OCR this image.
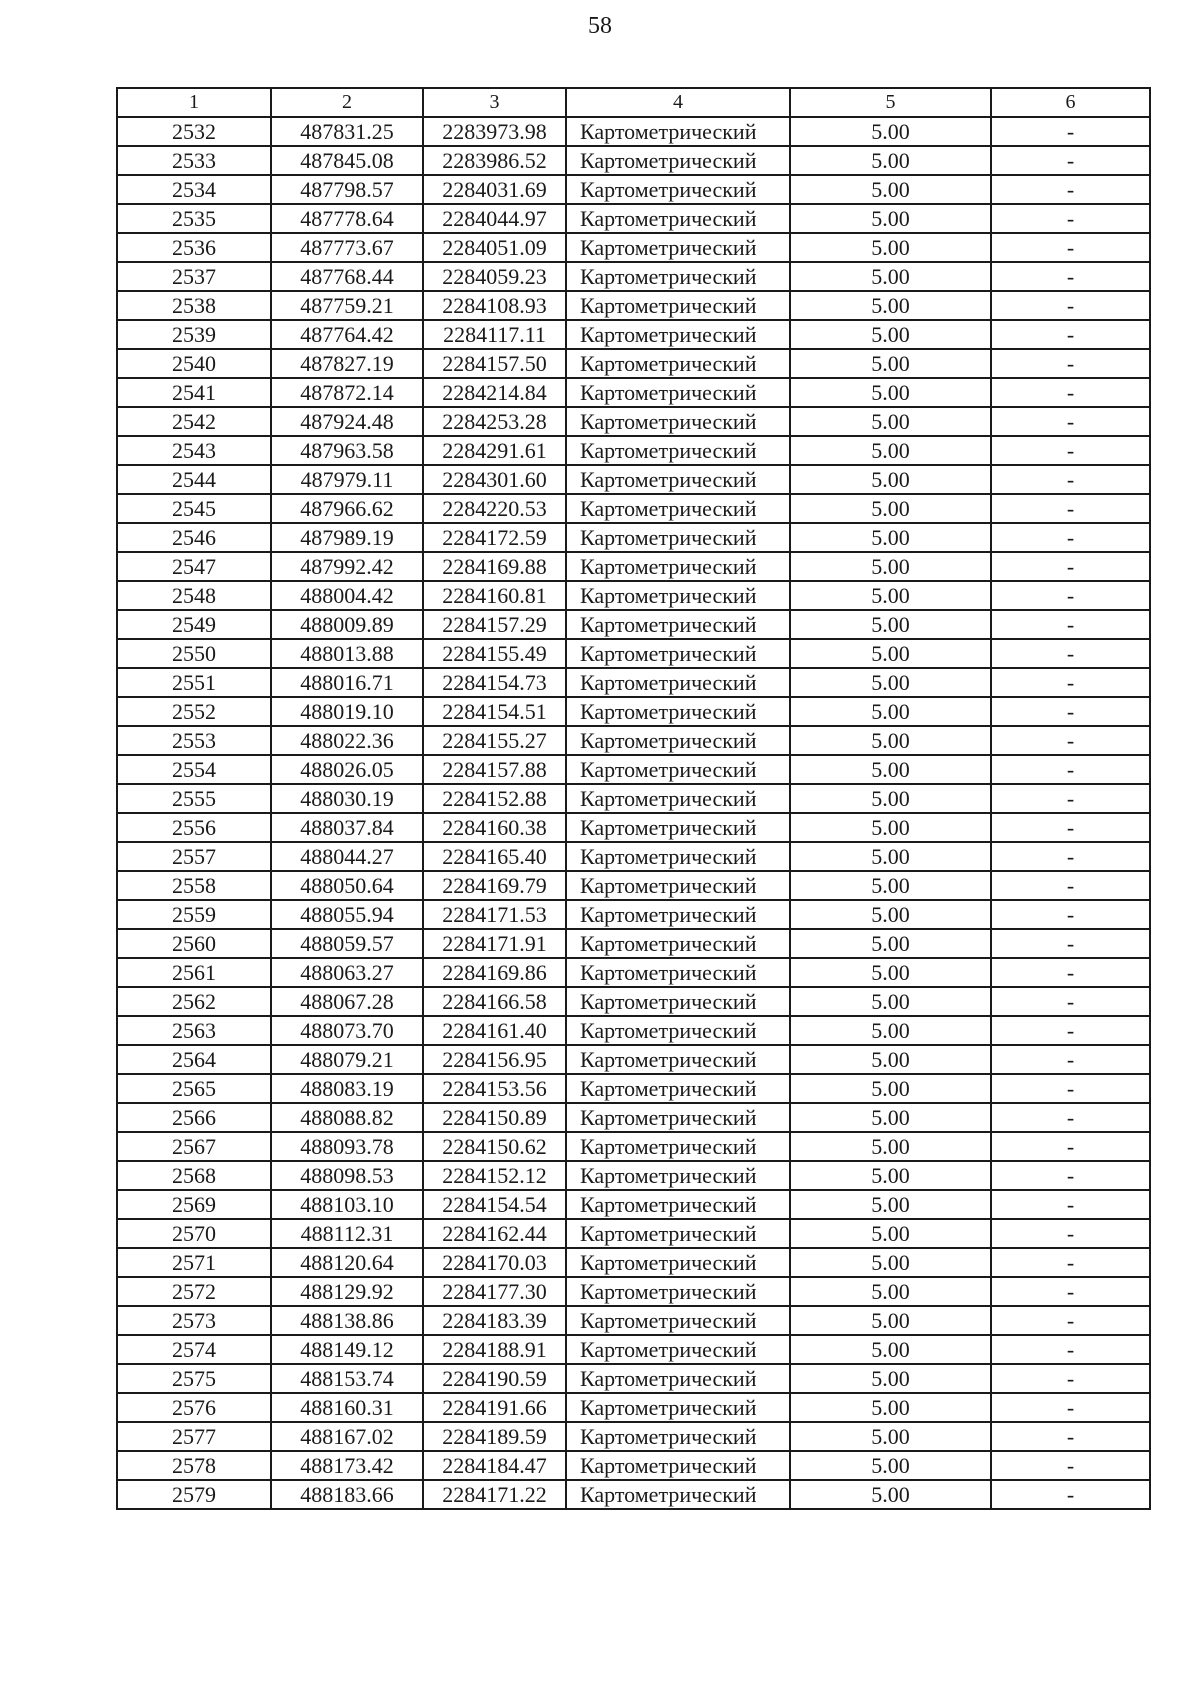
58
1	2	3	4	5	6
2532	487831.25	2283973.98	Картометрический	5.00	-
2533	487845.08	2283986.52	Картометрический	5.00	-
2534	487798.57	2284031.69	Картометрический	5.00	-
2535	487778.64	2284044.97	Картометрический	5.00	-
2536	487773.67	2284051.09	Картометрический	5.00	-
2537	487768.44	2284059.23	Картометрический	5.00	-
2538	487759.21	2284108.93	Картометрический	5.00	-
2539	487764.42	2284117.11	Картометрический	5.00	-
2540	487827.19	2284157.50	Картометрический	5.00	-
2541	487872.14	2284214.84	Картометрический	5.00	-
2542	487924.48	2284253.28	Картометрический	5.00	-
2543	487963.58	2284291.61	Картометрический	5.00	-
2544	487979.11	2284301.60	Картометрический	5.00	-
2545	487966.62	2284220.53	Картометрический	5.00	-
2546	487989.19	2284172.59	Картометрический	5.00	-
2547	487992.42	2284169.88	Картометрический	5.00	-
2548	488004.42	2284160.81	Картометрический	5.00	-
2549	488009.89	2284157.29	Картометрический	5.00	-
2550	488013.88	2284155.49	Картометрический	5.00	-
2551	488016.71	2284154.73	Картометрический	5.00	-
2552	488019.10	2284154.51	Картометрический	5.00	-
2553	488022.36	2284155.27	Картометрический	5.00	-
2554	488026.05	2284157.88	Картометрический	5.00	-
2555	488030.19	2284152.88	Картометрический	5.00	-
2556	488037.84	2284160.38	Картометрический	5.00	-
2557	488044.27	2284165.40	Картометрический	5.00	-
2558	488050.64	2284169.79	Картометрический	5.00	-
2559	488055.94	2284171.53	Картометрический	5.00	-
2560	488059.57	2284171.91	Картометрический	5.00	-
2561	488063.27	2284169.86	Картометрический	5.00	-
2562	488067.28	2284166.58	Картометрический	5.00	-
2563	488073.70	2284161.40	Картометрический	5.00	-
2564	488079.21	2284156.95	Картометрический	5.00	-
2565	488083.19	2284153.56	Картометрический	5.00	-
2566	488088.82	2284150.89	Картометрический	5.00	-
2567	488093.78	2284150.62	Картометрический	5.00	-
2568	488098.53	2284152.12	Картометрический	5.00	-
2569	488103.10	2284154.54	Картометрический	5.00	-
2570	488112.31	2284162.44	Картометрический	5.00	-
2571	488120.64	2284170.03	Картометрический	5.00	-
2572	488129.92	2284177.30	Картометрический	5.00	-
2573	488138.86	2284183.39	Картометрический	5.00	-
2574	488149.12	2284188.91	Картометрический	5.00	-
2575	488153.74	2284190.59	Картометрический	5.00	-
2576	488160.31	2284191.66	Картометрический	5.00	-
2577	488167.02	2284189.59	Картометрический	5.00	-
2578	488173.42	2284184.47	Картометрический	5.00	-
2579	488183.66	2284171.22	Картометрический	5.00	-
